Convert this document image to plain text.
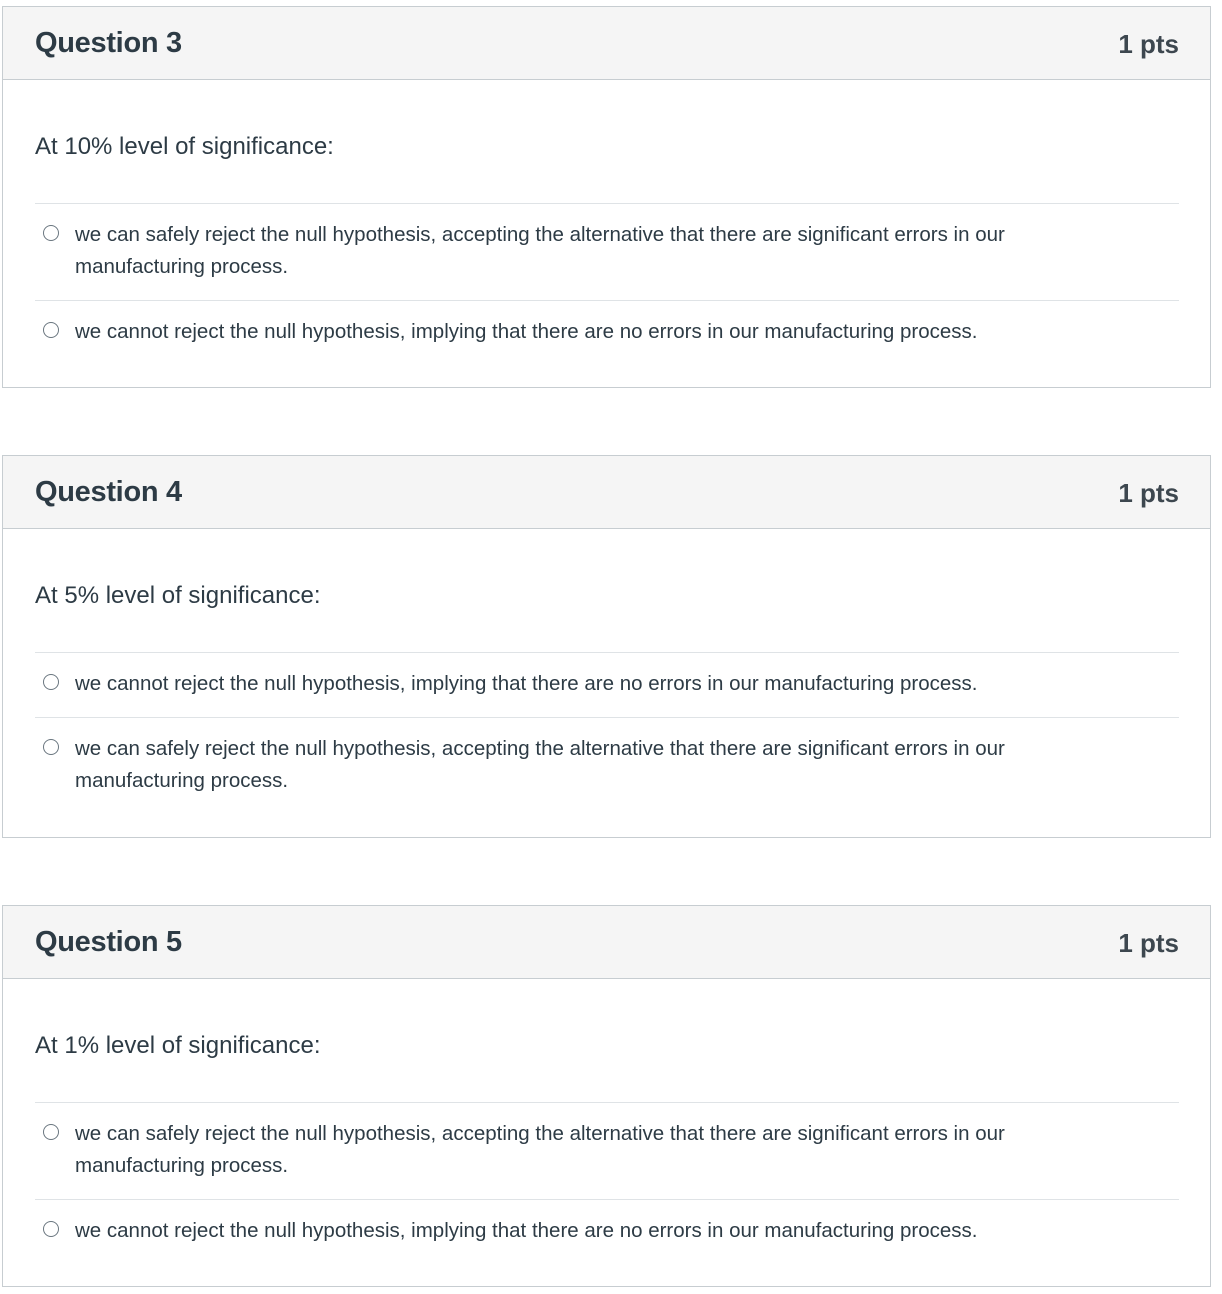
Question 3	1 pts
At 10% level of significance:
we can safely reject the null hypothesis, accepting the alternative that there are significant errors in our manufacturing process.
we cannot reject the null hypothesis, implying that there are no errors in our manufacturing process.
Question 4	1 pts
At 5% level of significance:
we cannot reject the null hypothesis, implying that there are no errors in our manufacturing process.
we can safely reject the null hypothesis, accepting the alternative that there are significant errors in our manufacturing process.
Question 5	1 pts
At 1% level of significance:
we can safely reject the null hypothesis, accepting the alternative that there are significant errors in our manufacturing process.
we cannot reject the null hypothesis, implying that there are no errors in our manufacturing process.
